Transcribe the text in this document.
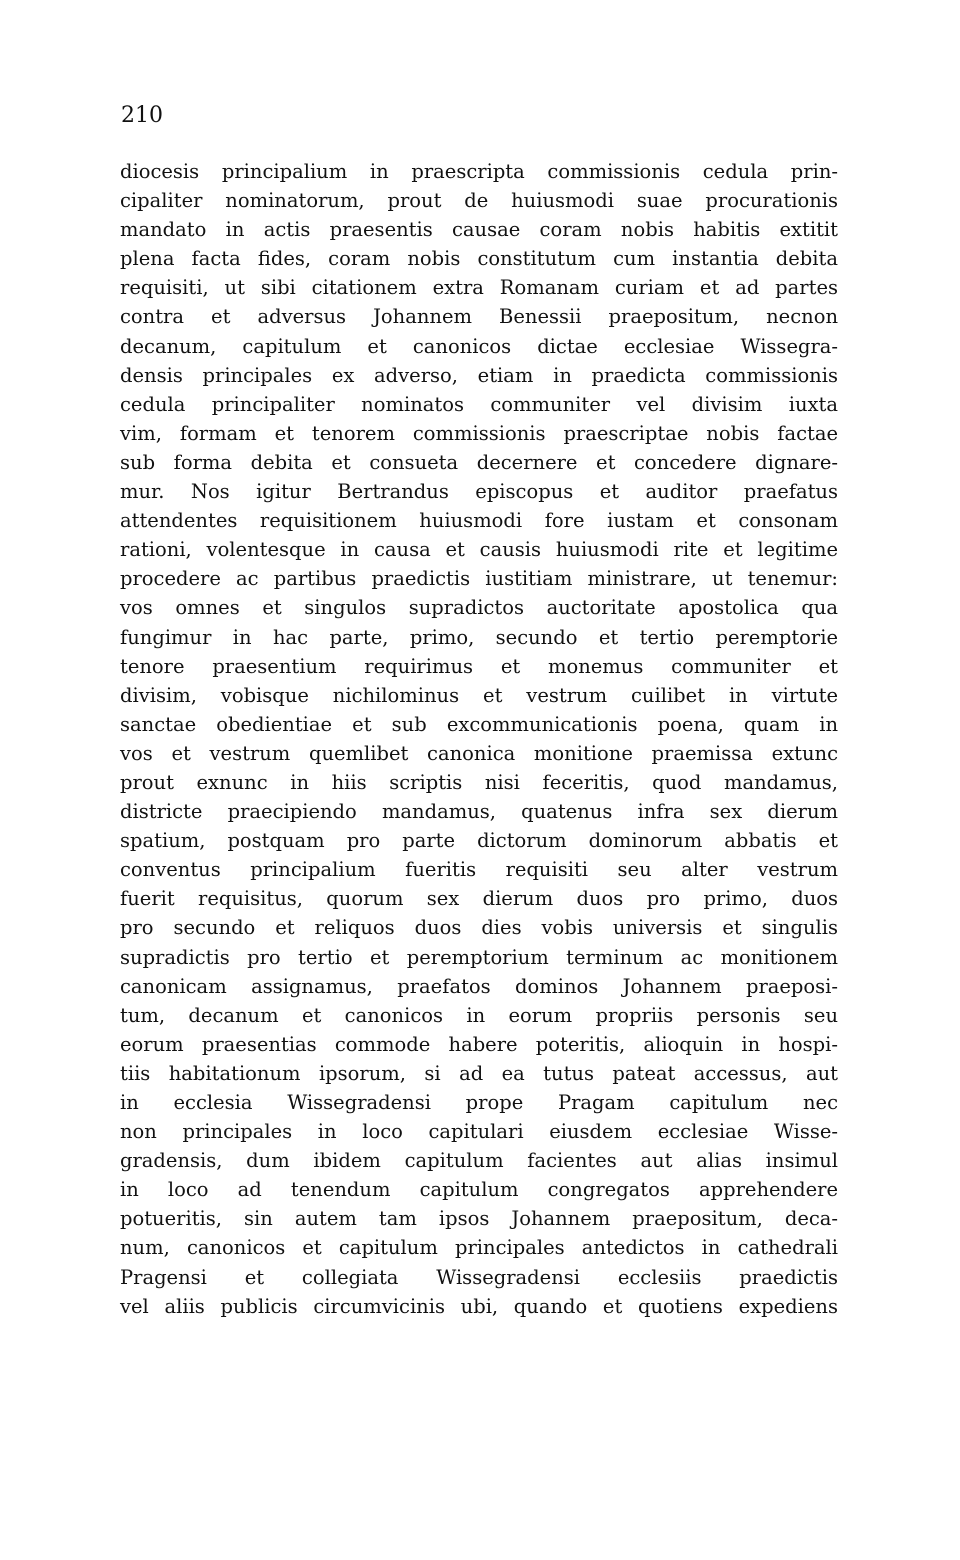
210
diocesis principalium in praescripta commissionis cedula prin-
cipaliter nominatorum, prout de huiusmodi suae procurationis
mandato in actis praesentis causae coram nobis habitis extitit
plena facta fides, coram nobis constitutum cum instantia debita
requisiti, ut sibi citationem extra Romanam curiam et ad partes
contra et adversus Johannem Benessii praepositum, necnon
decanum, capitulum et canonicos dictae ecclesiae Wissegra-
densis principales ex adverso, etiam in praedicta commissionis
cedula principaliter nominatos communiter vel divisim iuxta
vim, formam et tenorem commissionis praescriptae nobis factae
sub forma debita et consueta decernere et concedere dignare-
mur. Nos igitur Bertrandus episcopus et auditor praefatus
attendentes requisitionem huiusmodi fore iustam et consonam
rationi, volentesque in causa et causis huiusmodi rite et legitime
procedere ac partibus praedictis iustitiam ministrare, ut tenemur:
vos omnes et singulos supradictos auctoritate apostolica qua
fungimur in hac parte, primo, secundo et tertio peremptorie
tenore praesentium requirimus et monemus communiter et
divisim, vobisque nichilominus et vestrum cuilibet in virtute
sanctae obedientiae et sub excommunicationis poena, quam in
vos et vestrum quemlibet canonica monitione praemissa extunc
prout exnunc in hiis scriptis nisi feceritis, quod mandamus,
districte praecipiendo mandamus, quatenus infra sex dierum
spatium, postquam pro parte dictorum dominorum abbatis et
conventus principalium fueritis requisiti seu alter vestrum
fuerit requisitus, quorum sex dierum duos pro primo, duos
pro secundo et reliquos duos dies vobis universis et singulis
supradictis pro tertio et peremptorium terminum ac monitionem
canonicam assignamus, praefatos dominos Johannem praeposi-
tum, decanum et canonicos in eorum propriis personis seu
eorum praesentias commode habere poteritis, alioquin in hospi-
tiis habitationum ipsorum, si ad ea tutus pateat accessus, aut
in ecclesia Wissegradensi prope Pragam capitulum nec
non principales in loco capitulari eiusdem ecclesiae Wisse-
gradensis, dum ibidem capitulum facientes aut alias insimul
in loco ad tenendum capitulum congregatos apprehendere
potueritis, sin autem tam ipsos Johannem praepositum, deca-
num, canonicos et capitulum principales antedictos in cathedrali
Pragensi et collegiata Wissegradensi ecclesiis praedictis
vel aliis publicis circumvicinis ubi, quando et quotiens expediens
